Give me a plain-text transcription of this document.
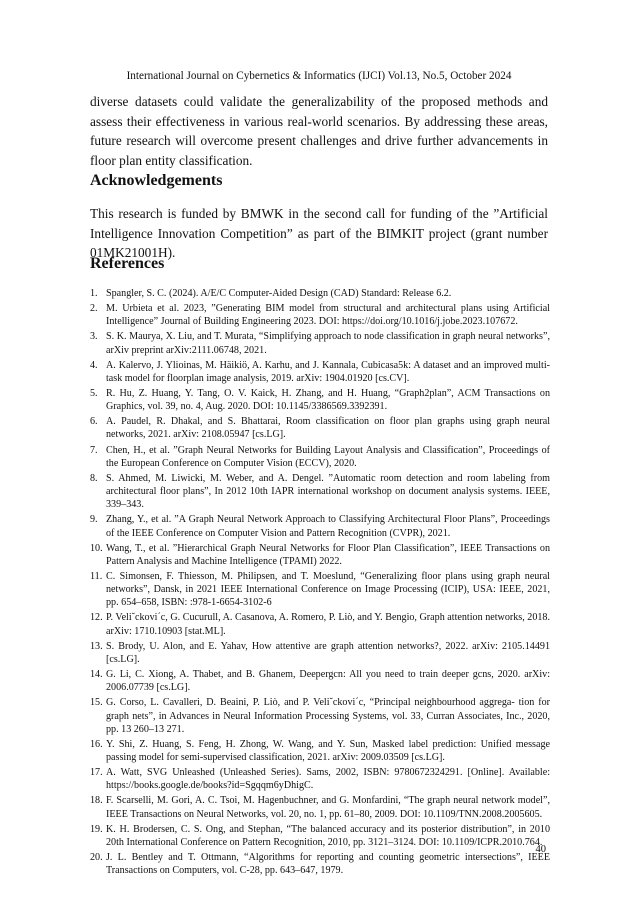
International Journal on Cybernetics & Informatics (IJCI) Vol.13, No.5, October 2024

diverse datasets could validate the generalizability of the proposed methods and assess their effectiveness in various real-world scenarios. By addressing these areas, future research will overcome present challenges and drive further advancements in floor plan entity classification.

Acknowledgements

This research is funded by BMWK in the second call for funding of the ”Artificial Intelligence Innovation Competition” as part of the BIMKIT project (grant number 01MK21001H).

References
1. Spangler, S. C. (2024). A/E/C Computer-Aided Design (CAD) Standard: Release 6.2.
2. M. Urbieta et al. 2023, ”Generating BIM model from structural and architectural plans using Artificial Intelligence” Journal of Building Engineering 2023. DOI: https://doi.org/10.1016/j.jobe.2023.107672.
3. S. K. Maurya, X. Liu, and T. Murata, “Simplifying approach to node classification in graph neural networks”, arXiv preprint arXiv:2111.06748, 2021.
4. A. Kalervo, J. Ylioinas, M. Häikiö, A. Karhu, and J. Kannala, Cubicasa5k: A dataset and an improved multi-task model for floorplan image analysis, 2019. arXiv: 1904.01920 [cs.CV].
5. R. Hu, Z. Huang, Y. Tang, O. V. Kaick, H. Zhang, and H. Huang, “Graph2plan”, ACM Transactions on Graphics, vol. 39, no. 4, Aug. 2020. DOI: 10.1145/3386569.3392391.
6. A. Paudel, R. Dhakal, and S. Bhattarai, Room classification on floor plan graphs using graph neural networks, 2021. arXiv: 2108.05947 [cs.LG].
7. Chen, H., et al. ”Graph Neural Networks for Building Layout Analysis and Classification”, Proceedings of the European Conference on Computer Vision (ECCV), 2020.
8. S. Ahmed, M. Liwicki, M. Weber, and A. Dengel. ”Automatic room detection and room labeling from architectural floor plans”, In 2012 10th IAPR international workshop on document analysis systems. IEEE, 339–343.
9. Zhang, Y., et al. ”A Graph Neural Network Approach to Classifying Architectural Floor Plans”, Proceedings of the IEEE Conference on Computer Vision and Pattern Recognition (CVPR), 2021.
10. Wang, T., et al. ”Hierarchical Graph Neural Networks for Floor Plan Classification”, IEEE Transactions on Pattern Analysis and Machine Intelligence (TPAMI) 2022.
11. C. Simonsen, F. Thiesson, M. Philipsen, and T. Moeslund, “Generalizing floor plans using graph neural networks”, Dansk, in 2021 IEEE International Conference on Image Processing (ICIP), USA: IEEE, 2021, pp. 654–658, ISBN: :978-1-6654-3102-6
12. P. Veli˘ckovi´c, G. Cucurull, A. Casanova, A. Romero, P. Liò, and Y. Bengio, Graph attention networks, 2018. arXiv: 1710.10903 [stat.ML].
13. S. Brody, U. Alon, and E. Yahav, How attentive are graph attention networks?, 2022. arXiv: 2105.14491 [cs.LG].
14. G. Li, C. Xiong, A. Thabet, and B. Ghanem, Deepergcn: All you need to train deeper gcns, 2020. arXiv: 2006.07739 [cs.LG].
15. G. Corso, L. Cavalleri, D. Beaini, P. Liò, and P. Veli˘ckovi´c, “Principal neighbourhood aggrega- tion for graph nets”, in Advances in Neural Information Processing Systems, vol. 33, Curran Associates, Inc., 2020, pp. 13 260–13 271.
16. Y. Shi, Z. Huang, S. Feng, H. Zhong, W. Wang, and Y. Sun, Masked label prediction: Unified message passing model for semi-supervised classification, 2021. arXiv: 2009.03509 [cs.LG].
17. A. Watt, SVG Unleashed (Unleashed Series). Sams, 2002, ISBN: 9780672324291. [Online]. Available: https://books.google.de/books?id=Sgqqm6yDhigC.
18. F. Scarselli, M. Gori, A. C. Tsoi, M. Hagenbuchner, and G. Monfardini, “The graph neural network model”, IEEE Transactions on Neural Networks, vol. 20, no. 1, pp. 61–80, 2009. DOI: 10.1109/TNN.2008.2005605.
19. K. H. Brodersen, C. S. Ong, and Stephan, “The balanced accuracy and its posterior distribution”, in 2010 20th International Conference on Pattern Recognition, 2010, pp. 3121–3124. DOI: 10.1109/ICPR.2010.764.
20. J. L. Bentley and T. Ottmann, “Algorithms for reporting and counting geometric intersections”, IEEE Transactions on Computers, vol. C-28, pp. 643–647, 1979.
40
